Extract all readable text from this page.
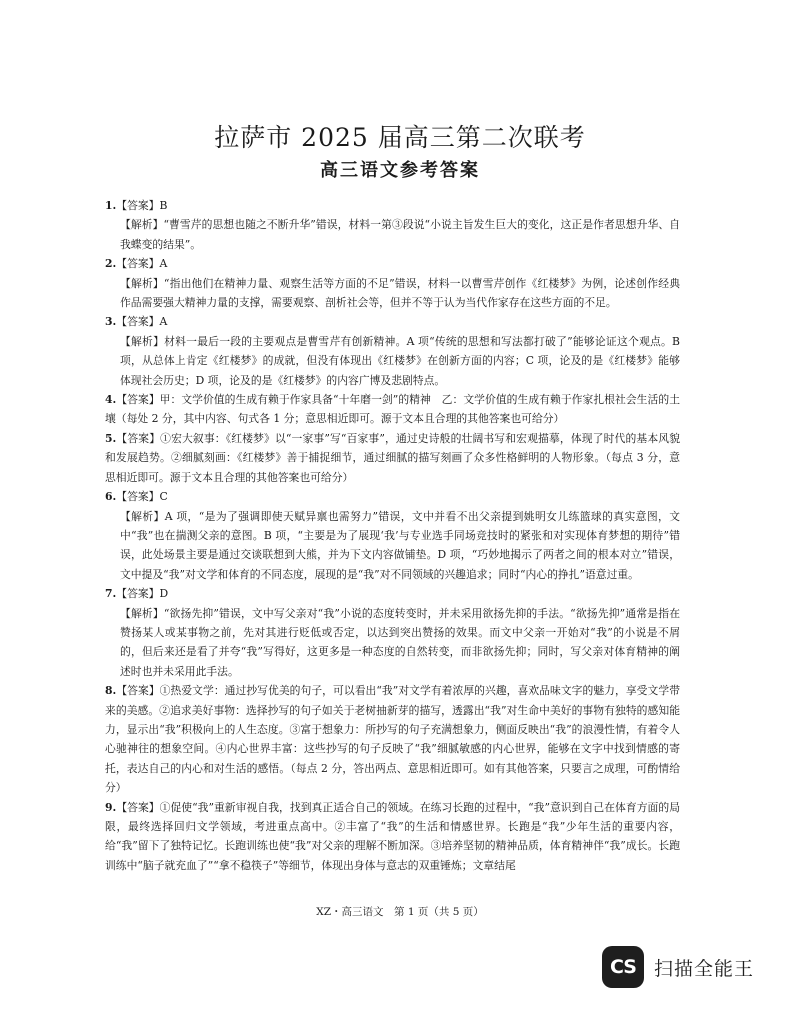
拉萨市 2025 届高三第二次联考
高三语文参考答案
1.【答案】B
【解析】“曹雪芹的思想也随之不断升华”错误，材料一第③段说“小说主旨发生巨大的变化，这正是作者思想升华、自我蝶变的结果”。
2.【答案】A
【解析】“指出他们在精神力量、观察生活等方面的不足”错误，材料一以曹雪芹创作《红楼梦》为例，论述创作经典作品需要强大精神力量的支撑，需要观察、剖析社会等，但并不等于认为当代作家存在这些方面的不足。
3.【答案】A
【解析】材料一最后一段的主要观点是曹雪芹有创新精神。A 项“传统的思想和写法都打破了”能够论证这个观点。B 项，从总体上肯定《红楼梦》的成就，但没有体现出《红楼梦》在创新方面的内容；C 项，论及的是《红楼梦》能够体现社会历史；D 项，论及的是《红楼梦》的内容广博及悲剧特点。
4.【答案】甲：文学价值的生成有赖于作家具备“十年磨一剑”的精神　乙：文学价值的生成有赖于作家扎根社会生活的土壤（每处 2 分，其中内容、句式各 1 分；意思相近即可。源于文本且合理的其他答案也可给分）
5.【答案】①宏大叙事：《红楼梦》以“一家事”写“百家事”，通过史诗般的壮阔书写和宏观描摹，体现了时代的基本风貌和发展趋势。②细腻刻画：《红楼梦》善于捕捉细节，通过细腻的描写刻画了众多性格鲜明的人物形象。（每点 3 分，意思相近即可。源于文本且合理的其他答案也可给分）
6.【答案】C
【解析】A 项，“是为了强调即使天赋异禀也需努力”错误，文中并看不出父亲提到姚明女儿练篮球的真实意图，文中“我”也在揣测父亲的意图。B 项，“主要是为了展现‘我’与专业选手同场竞技时的紧张和对实现体育梦想的期待”错误，此处场景主要是通过交谈联想到大熊，并为下文内容做铺垫。D 项，“巧妙地揭示了两者之间的根本对立”错误，文中提及“我”对文学和体育的不同态度，展现的是“我”对不同领域的兴趣追求；同时“内心的挣扎”语意过重。
7.【答案】D
【解析】“欲扬先抑”错误，文中写父亲对“我”小说的态度转变时，并未采用欲扬先抑的手法。“欲扬先抑”通常是指在赞扬某人或某事物之前，先对其进行贬低或否定，以达到突出赞扬的效果。而文中父亲一开始对“我”的小说是不屑的，但后来还是看了并夸“我”写得好，这更多是一种态度的自然转变，而非欲扬先抑；同时，写父亲对体育精神的阐述时也并未采用此手法。
8.【答案】①热爱文学：通过抄写优美的句子，可以看出“我”对文学有着浓厚的兴趣，喜欢品味文字的魅力，享受文学带来的美感。②追求美好事物：选择抄写的句子如关于老树抽新芽的描写，透露出“我”对生命中美好的事物有独特的感知能力，显示出“我”积极向上的人生态度。③富于想象力：所抄写的句子充满想象力，侧面反映出“我”的浪漫性情，有着令人心驰神往的想象空间。④内心世界丰富：这些抄写的句子反映了“我”细腻敏感的内心世界，能够在文字中找到情感的寄托，表达自己的内心和对生活的感悟。（每点 2 分，答出两点、意思相近即可。如有其他答案，只要言之成理，可酌情给分）
9.【答案】①促使“我”重新审视自我，找到真正适合自己的领域。在练习长跑的过程中，“我”意识到自己在体育方面的局限，最终选择回归文学领域，考进重点高中。②丰富了“我”的生活和情感世界。长跑是“我”少年生活的重要内容，给“我”留下了独特记忆。长跑训练也使“我”对父亲的理解不断加深。③培养坚韧的精神品质，体育精神伴“我”成长。长跑训练中“脑子就充血了”“拿不稳筷子”等细节，体现出身体与意志的双重锤炼；文章结尾
XZ・高三语文　第 1 页（共 5 页）
CS 扫描全能王
